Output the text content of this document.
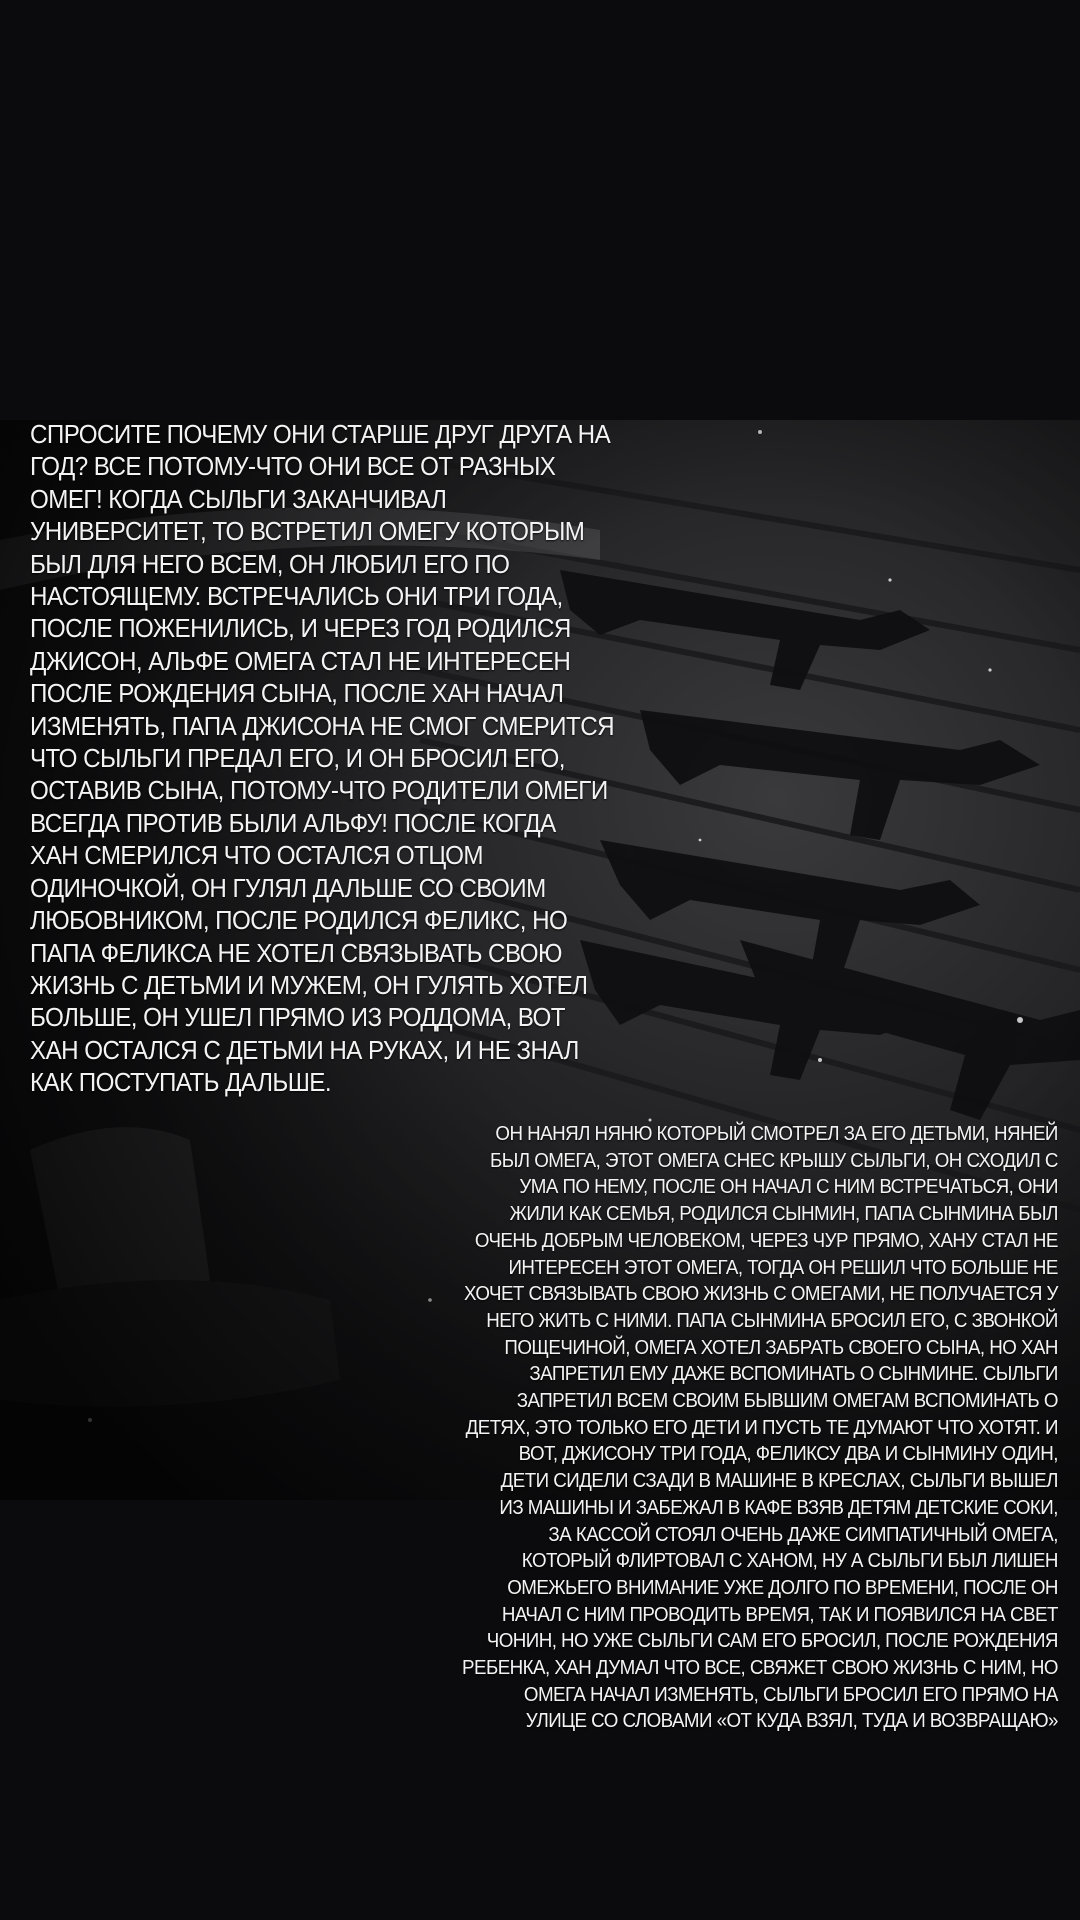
СПРОСИТЕ ПОЧЕМУ ОНИ СТАРШЕ ДРУГ ДРУГА НА
ГОД? ВСЕ ПОТОМУ-ЧТО ОНИ ВСЕ ОТ РАЗНЫХ
ОМЕГ! КОГДА СЫЛЬГИ ЗАКАНЧИВАЛ
УНИВЕРСИТЕТ, ТО ВСТРЕТИЛ ОМЕГУ КОТОРЫМ
БЫЛ ДЛЯ НЕГО ВСЕМ, ОН ЛЮБИЛ ЕГО ПО
НАСТОЯЩЕМУ. ВСТРЕЧАЛИСЬ ОНИ ТРИ ГОДА,
ПОСЛЕ ПОЖЕНИЛИСЬ, И ЧЕРЕЗ ГОД РОДИЛСЯ
ДЖИСОН, АЛЬФЕ ОМЕГА СТАЛ НЕ ИНТЕРЕСЕН
ПОСЛЕ РОЖДЕНИЯ СЫНА, ПОСЛЕ ХАН НАЧАЛ
ИЗМЕНЯТЬ, ПАПА ДЖИСОНА НЕ СМОГ СМЕРИТСЯ
ЧТО СЫЛЬГИ ПРЕДАЛ ЕГО, И ОН БРОСИЛ ЕГО,
ОСТАВИВ СЫНА, ПОТОМУ-ЧТО РОДИТЕЛИ ОМЕГИ
ВСЕГДА ПРОТИВ БЫЛИ АЛЬФУ! ПОСЛЕ КОГДА
ХАН СМЕРИЛСЯ ЧТО ОСТАЛСЯ ОТЦОМ
ОДИНОЧКОЙ, ОН ГУЛЯЛ ДАЛЬШЕ СО СВОИМ
ЛЮБОВНИКОМ, ПОСЛЕ РОДИЛСЯ ФЕЛИКС, НО
ПАПА ФЕЛИКСА НЕ ХОТЕЛ СВЯЗЫВАТЬ СВОЮ
ЖИЗНЬ С ДЕТЬМИ И МУЖЕМ, ОН ГУЛЯТЬ ХОТЕЛ
БОЛЬШЕ, ОН УШЕЛ ПРЯМО ИЗ РОДДОМА, ВОТ
ХАН ОСТАЛСЯ С ДЕТЬМИ НА РУКАХ, И НЕ ЗНАЛ
КАК ПОСТУПАТЬ ДАЛЬШЕ.

ОН НАНЯЛ НЯНЮ КОТОРЫЙ СМОТРЕЛ ЗА ЕГО ДЕТЬМИ, НЯНЕЙ
БЫЛ ОМЕГА, ЭТОТ ОМЕГА СНЕС КРЫШУ СЫЛЬГИ, ОН СХОДИЛ С
УМА ПО НЕМУ, ПОСЛЕ ОН НАЧАЛ С НИМ ВСТРЕЧАТЬСЯ, ОНИ
ЖИЛИ КАК СЕМЬЯ, РОДИЛСЯ СЫНМИН, ПАПА СЫНМИНА БЫЛ
ОЧЕНЬ ДОБРЫМ ЧЕЛОВЕКОМ, ЧЕРЕЗ ЧУР ПРЯМО, ХАНУ СТАЛ НЕ
ИНТЕРЕСЕН ЭТОТ ОМЕГА, ТОГДА ОН РЕШИЛ ЧТО БОЛЬШЕ НЕ
ХОЧЕТ СВЯЗЫВАТЬ СВОЮ ЖИЗНЬ С ОМЕГАМИ, НЕ ПОЛУЧАЕТСЯ У
НЕГО ЖИТЬ С НИМИ. ПАПА СЫНМИНА БРОСИЛ ЕГО, С ЗВОНКОЙ
ПОЩЕЧИНОЙ, ОМЕГА ХОТЕЛ ЗАБРАТЬ СВОЕГО СЫНА, НО ХАН
ЗАПРЕТИЛ ЕМУ ДАЖЕ ВСПОМИНАТЬ О СЫНМИНЕ. СЫЛЬГИ
ЗАПРЕТИЛ ВСЕМ СВОИМ БЫВШИМ ОМЕГАМ ВСПОМИНАТЬ О
ДЕТЯХ, ЭТО ТОЛЬКО ЕГО ДЕТИ И ПУСТЬ ТЕ ДУМАЮТ ЧТО ХОТЯТ. И
ВОТ, ДЖИСОНУ ТРИ ГОДА, ФЕЛИКСУ ДВА И СЫНМИНУ ОДИН,
ДЕТИ СИДЕЛИ СЗАДИ В МАШИНЕ В КРЕСЛАХ, СЫЛЬГИ ВЫШЕЛ
ИЗ МАШИНЫ И ЗАБЕЖАЛ В КАФЕ ВЗЯВ ДЕТЯМ ДЕТСКИЕ СОКИ,
ЗА КАССОЙ СТОЯЛ ОЧЕНЬ ДАЖЕ СИМПАТИЧНЫЙ ОМЕГА,
КОТОРЫЙ ФЛИРТОВАЛ С ХАНОМ, НУ А СЫЛЬГИ БЫЛ ЛИШЕН
ОМЕЖЬЕГО ВНИМАНИЕ УЖЕ ДОЛГО ПО ВРЕМЕНИ, ПОСЛЕ ОН
НАЧАЛ С НИМ ПРОВОДИТЬ ВРЕМЯ, ТАК И ПОЯВИЛСЯ НА СВЕТ
ЧОНИН, НО УЖЕ СЫЛЬГИ САМ ЕГО БРОСИЛ, ПОСЛЕ РОЖДЕНИЯ
РЕБЕНКА, ХАН ДУМАЛ ЧТО ВСЕ, СВЯЖЕТ СВОЮ ЖИЗНЬ С НИМ, НО
ОМЕГА НАЧАЛ ИЗМЕНЯТЬ, СЫЛЬГИ БРОСИЛ ЕГО ПРЯМО НА
УЛИЦЕ СО СЛОВАМИ «ОТ КУДА ВЗЯЛ, ТУДА И ВОЗВРАЩАЮ»
